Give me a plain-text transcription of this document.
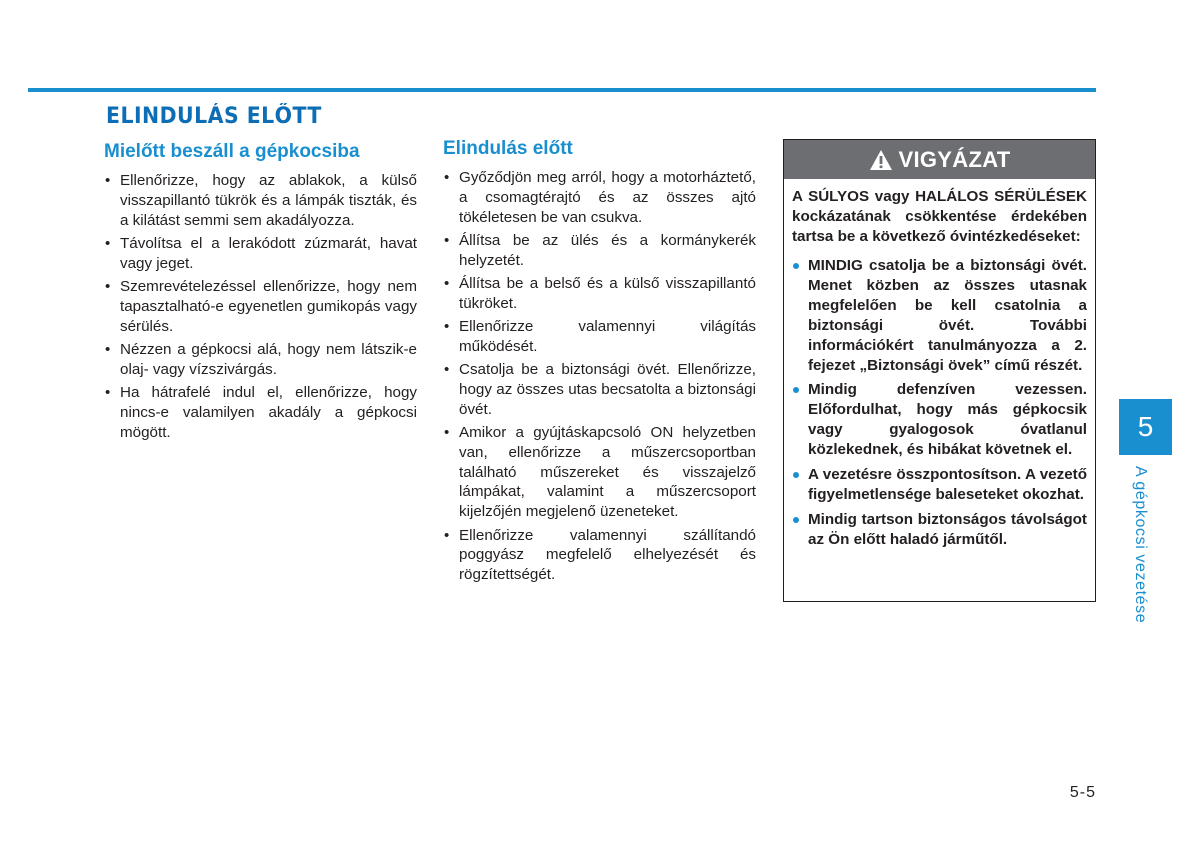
ELINDULÁS ELŐTT
Mielőtt beszáll a gépkocsiba
• Ellenőrizze, hogy az ablakok, a külső visszapillantó tükrök és a lámpák tiszták, és a kilátást semmi sem akadályozza.
• Távolítsa el a lerakódott zúzmarát, havat vagy jeget.
• Szemrevételezéssel ellenőrizze, hogy nem tapasztalható-e egyenetlen gumikopás vagy sérülés.
• Nézzen a gépkocsi alá, hogy nem látszik-e olaj- vagy vízszivárgás.
• Ha hátrafelé indul el, ellenőrizze, hogy nincs-e valamilyen akadály a gépkocsi mögött.
Elindulás előtt
• Győződjön meg arról, hogy a motorháztető, a csomagtérajtó és az összes ajtó tökéletesen be van csukva.
• Állítsa be az ülés és a kormánykerék helyzetét.
• Állítsa be a belső és a külső visszapillantó tükröket.
• Ellenőrizze valamennyi világítás működését.
• Csatolja be a biztonsági övét. Ellenőrizze, hogy az összes utas becsatolta a biztonsági övét.
• Amikor a gyújtáskapcsoló ON helyzetben van, ellenőrizze a műszercsoportban található műszereket és visszajelző lámpákat, valamint a műszercsoport kijelzőjén megjelenő üzeneteket.
• Ellenőrizze valamennyi szállítandó poggyász megfelelő elhelyezését és rögzítettségét.
VIGYÁZAT

A SÚLYOS vagy HALÁLOS SÉRÜLÉSEK kockázatának csökkentése érdekében tartsa be a következő óvintézkedéseket:

MINDIG csatolja be a biztonsági övét. Menet közben az összes utasnak megfelelően be kell csatolnia a biztonsági övét. További információkért tanulmányozza a 2. fejezet „Biztonsági övek” című részét.
Mindig defenzíven vezessen. Előfordulhat, hogy más gépkocsik vagy gyalogosok óvatlanul közlekednek, és hibákat követnek el.
A vezetésre összpontosítson. A vezető figyelmetlensége baleseteket okozhat.
Mindig tartson biztonságos távolságot az Ön előtt haladó járműtől.
5
A gépkocsi vezetése
5-5
